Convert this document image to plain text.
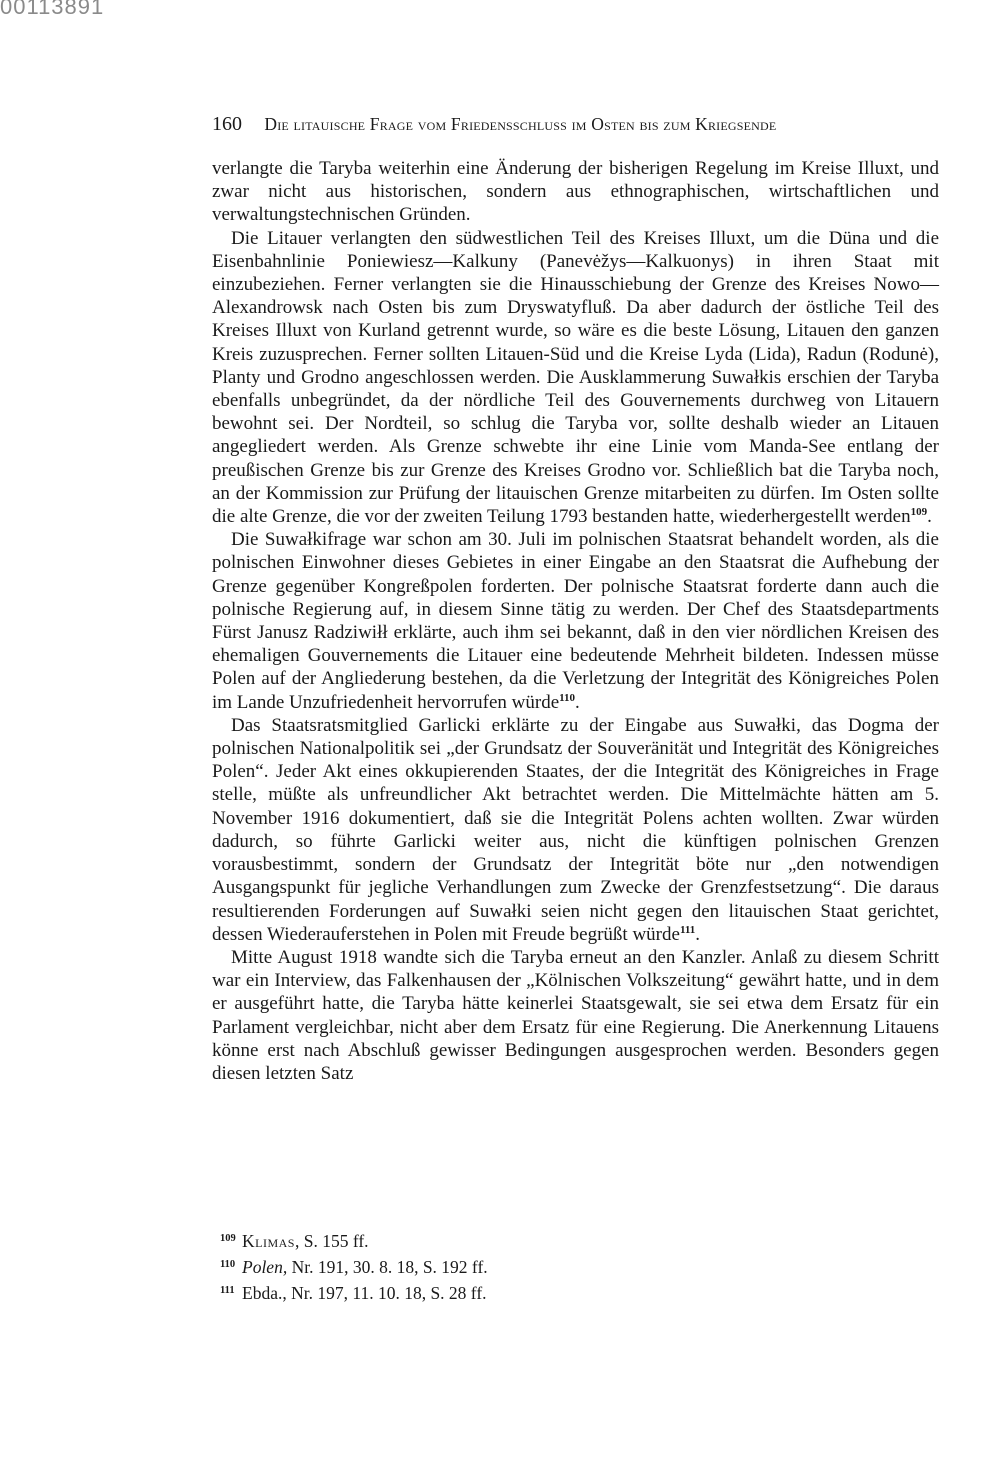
00113891
160 Die litauische Frage vom Friedensschluss im Osten bis zum Kriegsende

verlangte die Taryba weiterhin eine Änderung der bisherigen Regelung im Kreise Illuxt, und zwar nicht aus historischen, sondern aus ethnographischen, wirtschaftlichen und verwaltungstechnischen Gründen.

Die Litauer verlangten den südwestlichen Teil des Kreises Illuxt, um die Düna und die Eisenbahnlinie Poniewiesz—Kalkuny (Panevėžys—Kalkuonys) in ihren Staat mit einzubeziehen. Ferner verlangten sie die Hinausschiebung der Grenze des Kreises Nowo—Alexandrowsk nach Osten bis zum Dryswatyfluß. Da aber dadurch der östliche Teil des Kreises Illuxt von Kurland getrennt wurde, so wäre es die beste Lösung, Litauen den ganzen Kreis zuzusprechen. Ferner sollten Litauen-Süd und die Kreise Lyda (Lida), Radun (Rodunė), Planty und Grodno angeschlossen werden. Die Ausklammerung Suwałkis erschien der Taryba ebenfalls unbegründet, da der nördliche Teil des Gouvernements durchweg von Litauern bewohnt sei. Der Nordteil, so schlug die Taryba vor, sollte deshalb wieder an Litauen angegliedert werden. Als Grenze schwebte ihr eine Linie vom Manda-See entlang der preußischen Grenze bis zur Grenze des Kreises Grodno vor. Schließlich bat die Taryba noch, an der Kommission zur Prüfung der litauischen Grenze mitarbeiten zu dürfen. Im Osten sollte die alte Grenze, die vor der zweiten Teilung 1793 bestanden hatte, wiederhergestellt werden$^{109}$.

Die Suwałkifrage war schon am 30. Juli im polnischen Staatsrat behandelt worden, als die polnischen Einwohner dieses Gebietes in einer Eingabe an den Staatsrat die Aufhebung der Grenze gegenüber Kongreßpolen forderten. Der polnische Staatsrat forderte dann auch die polnische Regierung auf, in diesem Sinne tätig zu werden. Der Chef des Staatsdepartments Fürst Janusz Radziwiłł erklärte, auch ihm sei bekannt, daß in den vier nördlichen Kreisen des ehemaligen Gouvernements die Litauer eine bedeutende Mehrheit bildeten. Indessen müsse Polen auf der Angliederung bestehen, da die Verletzung der Integrität des Königreiches Polen im Lande Unzufriedenheit hervorrufen würde$^{110}$.

Das Staatsratsmitglied Garlicki erklärte zu der Eingabe aus Suwałki, das Dogma der polnischen Nationalpolitik sei „der Grundsatz der Souveränität und Integrität des Königreiches Polen“. Jeder Akt eines okkupierenden Staates, der die Integrität des Königreiches in Frage stelle, müßte als unfreundlicher Akt betrachtet werden. Die Mittelmächte hätten am 5. November 1916 dokumentiert, daß sie die Integrität Polens achten wollten. Zwar würden dadurch, so führte Garlicki weiter aus, nicht die künftigen polnischen Grenzen vorausbestimmt, sondern der Grundsatz der Integrität böte nur „den notwendigen Ausgangspunkt für jegliche Verhandlungen zum Zwecke der Grenzfestsetzung“. Die daraus resultierenden Forderungen auf Suwałki seien nicht gegen den litauischen Staat gerichtet, dessen Wiederauferstehen in Polen mit Freude begrüßt würde$^{111}$.

Mitte August 1918 wandte sich die Taryba erneut an den Kanzler. Anlaß zu diesem Schritt war ein Interview, das Falkenhausen der „Kölnischen Volkszeitung“ gewährt hatte, und in dem er ausgeführt hatte, die Taryba hätte keinerlei Staatsgewalt, sie sei etwa dem Ersatz für ein Parlament vergleichbar, nicht aber dem Ersatz für eine Regierung. Die Anerkennung Litauens könne erst nach Abschluß gewisser Bedingungen ausgesprochen werden. Besonders gegen diesen letzten Satz

109 Klimas, S. 155 ff.
110 Polen, Nr. 191, 30. 8. 18, S. 192 ff.
111 Ebda., Nr. 197, 11. 10. 18, S. 28 ff.
